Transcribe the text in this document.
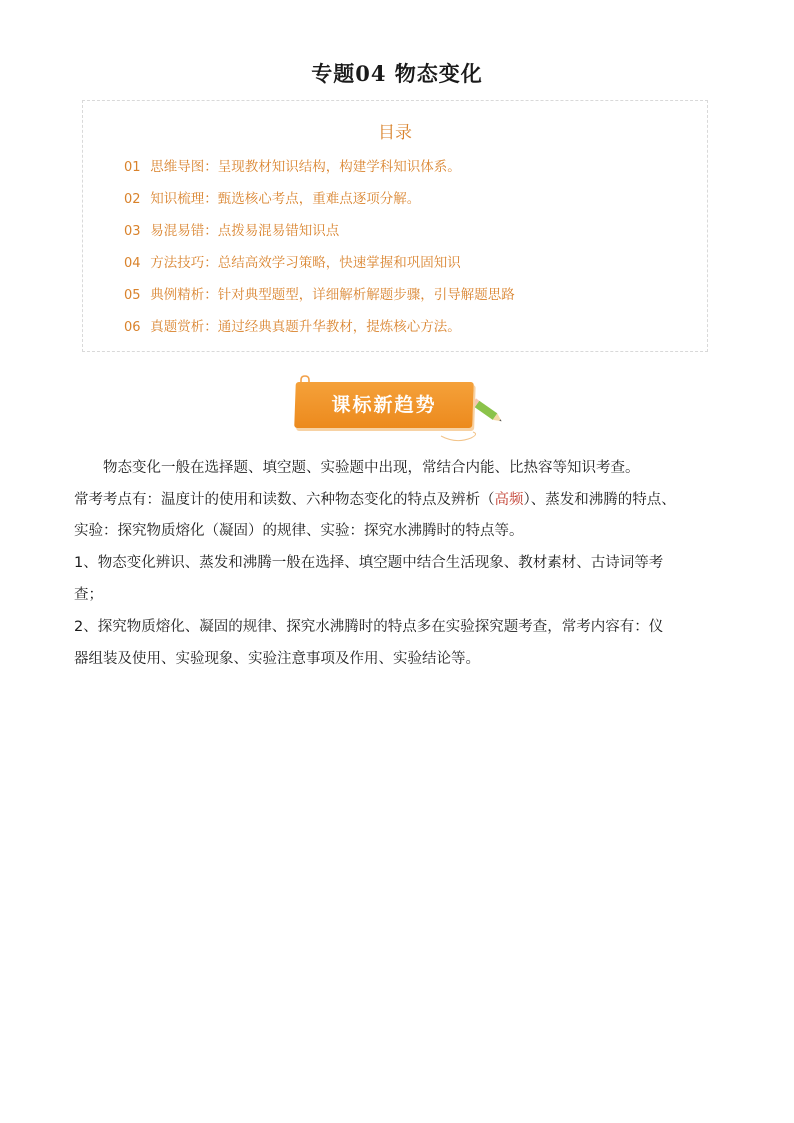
专题04 物态变化
目录
01 思维导图：呈现教材知识结构，构建学科知识体系。
02 知识梳理：甄选核心考点，重难点逐项分解。
03 易混易错：点拨易混易错知识点
04 方法技巧：总结高效学习策略，快速掌握和巩固知识
05 典例精析：针对典型题型，详细解析解题步骤，引导解题思路
06 真题赏析：通过经典真题升华教材，提炼核心方法。
课标新趋势
物态变化一般在选择题、填空题、实验题中出现，常结合内能、比热容等知识考查。
常考考点有：温度计的使用和读数、六种物态变化的特点及辨析（高频）、蒸发和沸腾的特点、
实验：探究物质熔化（凝固）的规律、实验：探究水沸腾时的特点等。
1、物态变化辨识、蒸发和沸腾一般在选择、填空题中结合生活现象、教材素材、古诗词等考
查；
2、探究物质熔化、凝固的规律、探究水沸腾时的特点多在实验探究题考查，常考内容有：仪
器组装及使用、实验现象、实验注意事项及作用、实验结论等。
